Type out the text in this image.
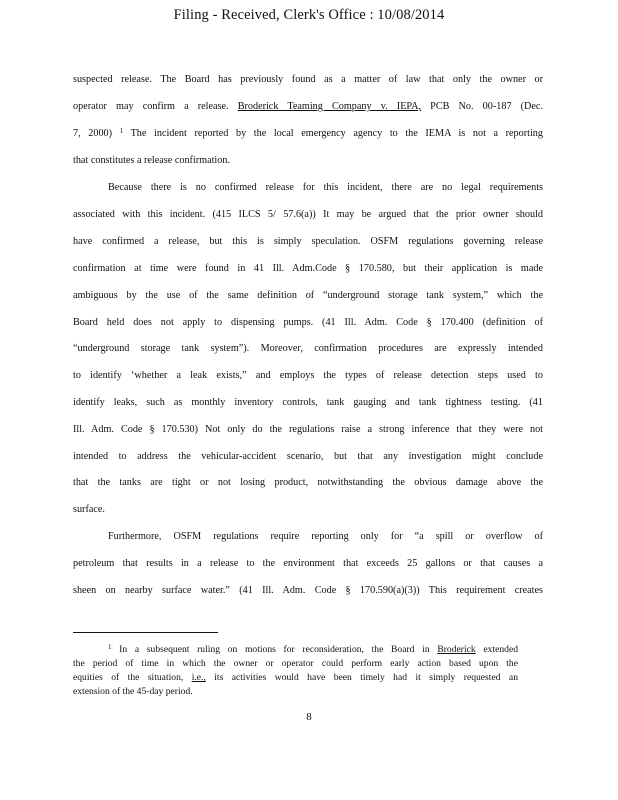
Filing - Received, Clerk's Office : 10/08/2014
suspected release. The Board has previously found as a matter of law that only the owner or
operator may confirm a release. Broderick Teaming Company v. IEPA, PCB No. 00-187 (Dec.
7, 2000) $^1$ The incident reported by the local emergency agency to the IEMA is not a reporting
that constitutes a release confirmation.
Because there is no confirmed release for this incident, there are no legal requirements
associated with this incident. (415 ILCS 5/ 57.6(a)) It may be argued that the prior owner should
have confirmed a release, but this is simply speculation. OSFM regulations governing release
confirmation at time were found in 41 Ill. Adm.Code § 170.580, but their application is made
ambiguous by the use of the same definition of “underground storage tank system,” which the
Board held does not apply to dispensing pumps. (41 Ill. Adm. Code § 170.400 (definition of
“underground storage tank system”). Moreover, confirmation procedures are expressly intended
to identify ‘whether a leak exists,” and employs the types of release detection steps used to
identify leaks, such as monthly inventory controls, tank gauging and tank tightness testing. (41
Ill. Adm. Code § 170.530) Not only do the regulations raise a strong inference that they were not
intended to address the vehicular-accident scenario, but that any investigation might conclude
that the tanks are tight or not losing product, notwithstanding the obvious damage above the
surface.
Furthermore, OSFM regulations require reporting only for “a spill or overflow of
petroleum that results in a release to the environment that exceeds 25 gallons or that causes a
sheen on nearby surface water.” (41 Ill. Adm. Code § 170.590(a)(3)) This requirement creates
$^1$ In a subsequent ruling on motions for reconsideration, the Board in Broderick extended
the period of time in which the owner or operator could perform early action based upon the
equities of the situation, i.e., its activities would have been timely had it simply requested an
extension of the 45-day period.
8
